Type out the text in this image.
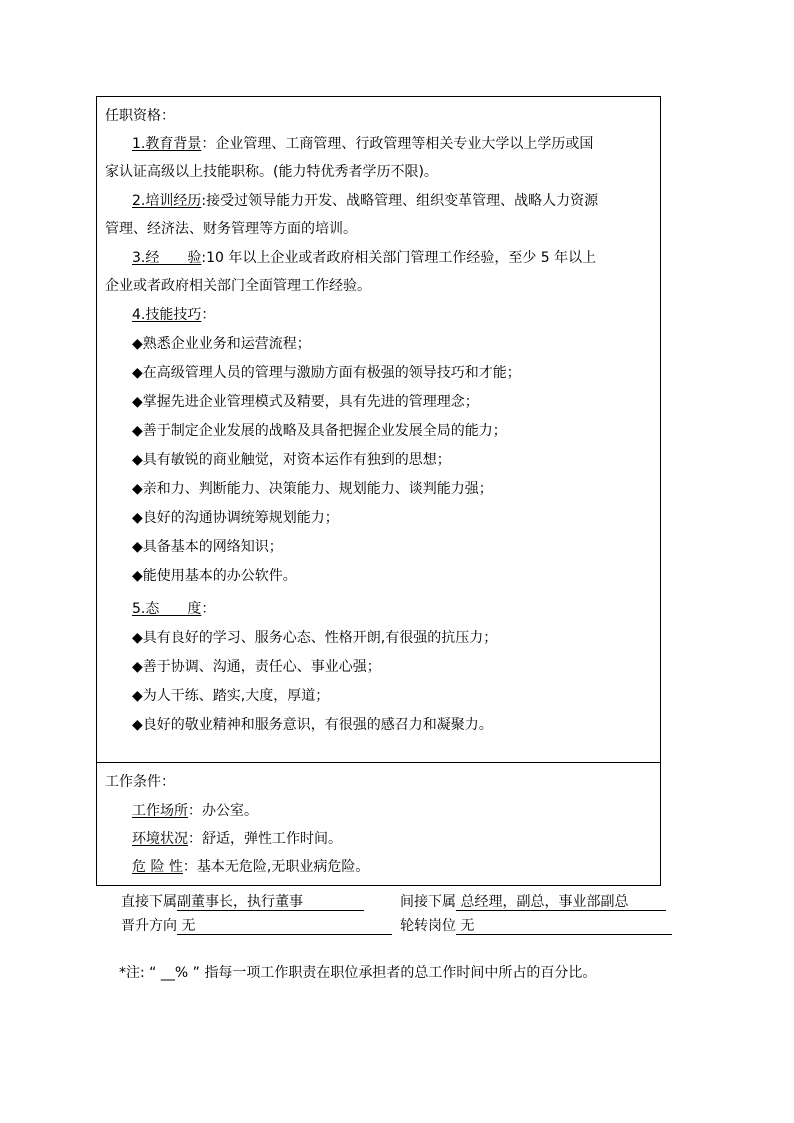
任职资格：
1.教育背景：企业管理、工商管理、行政管理等相关专业大学以上学历或国
家认证高级以上技能职称。(能力特优秀者学历不限)。
2.培训经历:接受过领导能力开发、战略管理、组织变革管理、战略人力资源
管理、经济法、财务管理等方面的培训。
3.经　　验:10 年以上企业或者政府相关部门管理工作经验，至少 5 年以上
企业或者政府相关部门全面管理工作经验。
4.技能技巧：
◆熟悉企业业务和运营流程；
◆在高级管理人员的管理与激励方面有极强的领导技巧和才能；
◆掌握先进企业管理模式及精要，具有先进的管理理念；
◆善于制定企业发展的战略及具备把握企业发展全局的能力；
◆具有敏锐的商业触觉，对资本运作有独到的思想；
◆亲和力、判断能力、决策能力、规划能力、谈判能力强；
◆良好的沟通协调统筹规划能力；
◆具备基本的网络知识；
◆能使用基本的办公软件。
5.态　　度：
◆具有良好的学习、服务心态、性格开朗,有很强的抗压力；
◆善于协调、沟通，责任心、事业心强；
◆为人干练、踏实,大度，厚道；
◆良好的敬业精神和服务意识，有很强的感召力和凝聚力。
工作条件：
工作场所：办公室。
环境状况：舒适，弹性工作时间。
危 险 性：基本无危险,无职业病危险。
直接下属副董事长，执行董事	间接下属 总经理，副总，事业部副总
晋升方向 无	轮转岗位 无
*注: “ __% ” 指每一项工作职责在职位承担者的总工作时间中所占的百分比。
